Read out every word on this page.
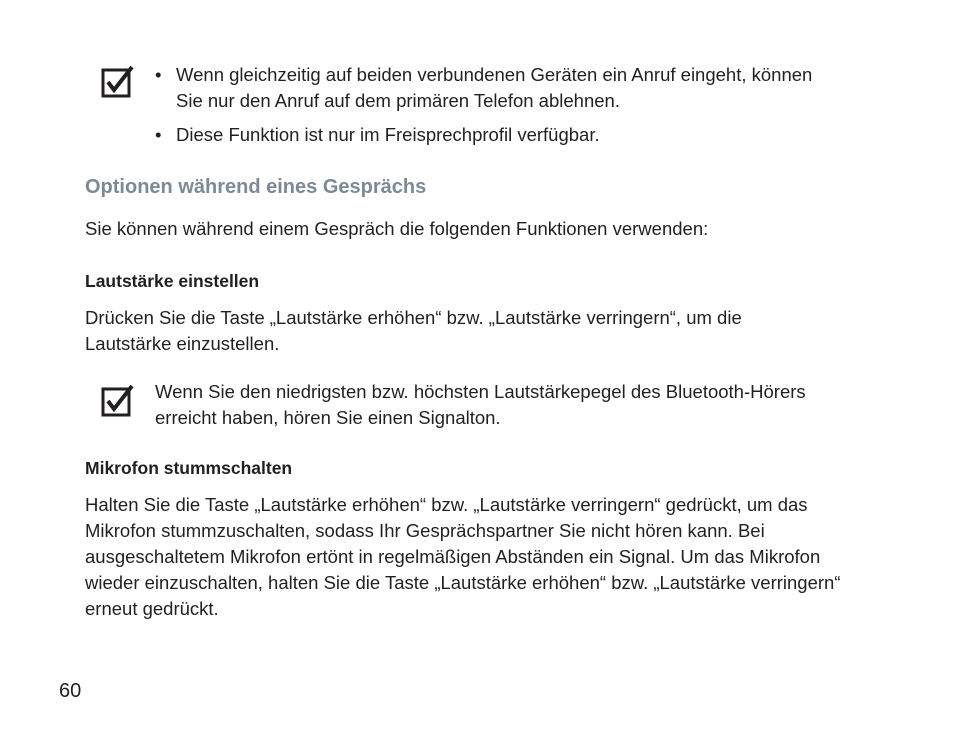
• Wenn gleichzeitig auf beiden verbundenen Geräten ein Anruf eingeht, können Sie nur den Anruf auf dem primären Telefon ablehnen.
• Diese Funktion ist nur im Freisprechprofil verfügbar.
Optionen während eines Gesprächs

Sie können während einem Gespräch die folgenden Funktionen verwenden:

Lautstärke einstellen

Drücken Sie die Taste „Lautstärke erhöhen“ bzw. „Lautstärke verringern“, um die Lautstärke einzustellen.

Wenn Sie den niedrigsten bzw. höchsten Lautstärkepegel des Bluetooth-Hörers erreicht haben, hören Sie einen Signalton.

Mikrofon stummschalten

Halten Sie die Taste „Lautstärke erhöhen“ bzw. „Lautstärke verringern“ gedrückt, um das Mikrofon stummzuschalten, sodass Ihr Gesprächspartner Sie nicht hören kann. Bei ausgeschaltetem Mikrofon ertönt in regelmäßigen Abständen ein Signal. Um das Mikrofon wieder einzuschalten, halten Sie die Taste „Lautstärke erhöhen“ bzw. „Lautstärke verringern“ erneut gedrückt.

60
